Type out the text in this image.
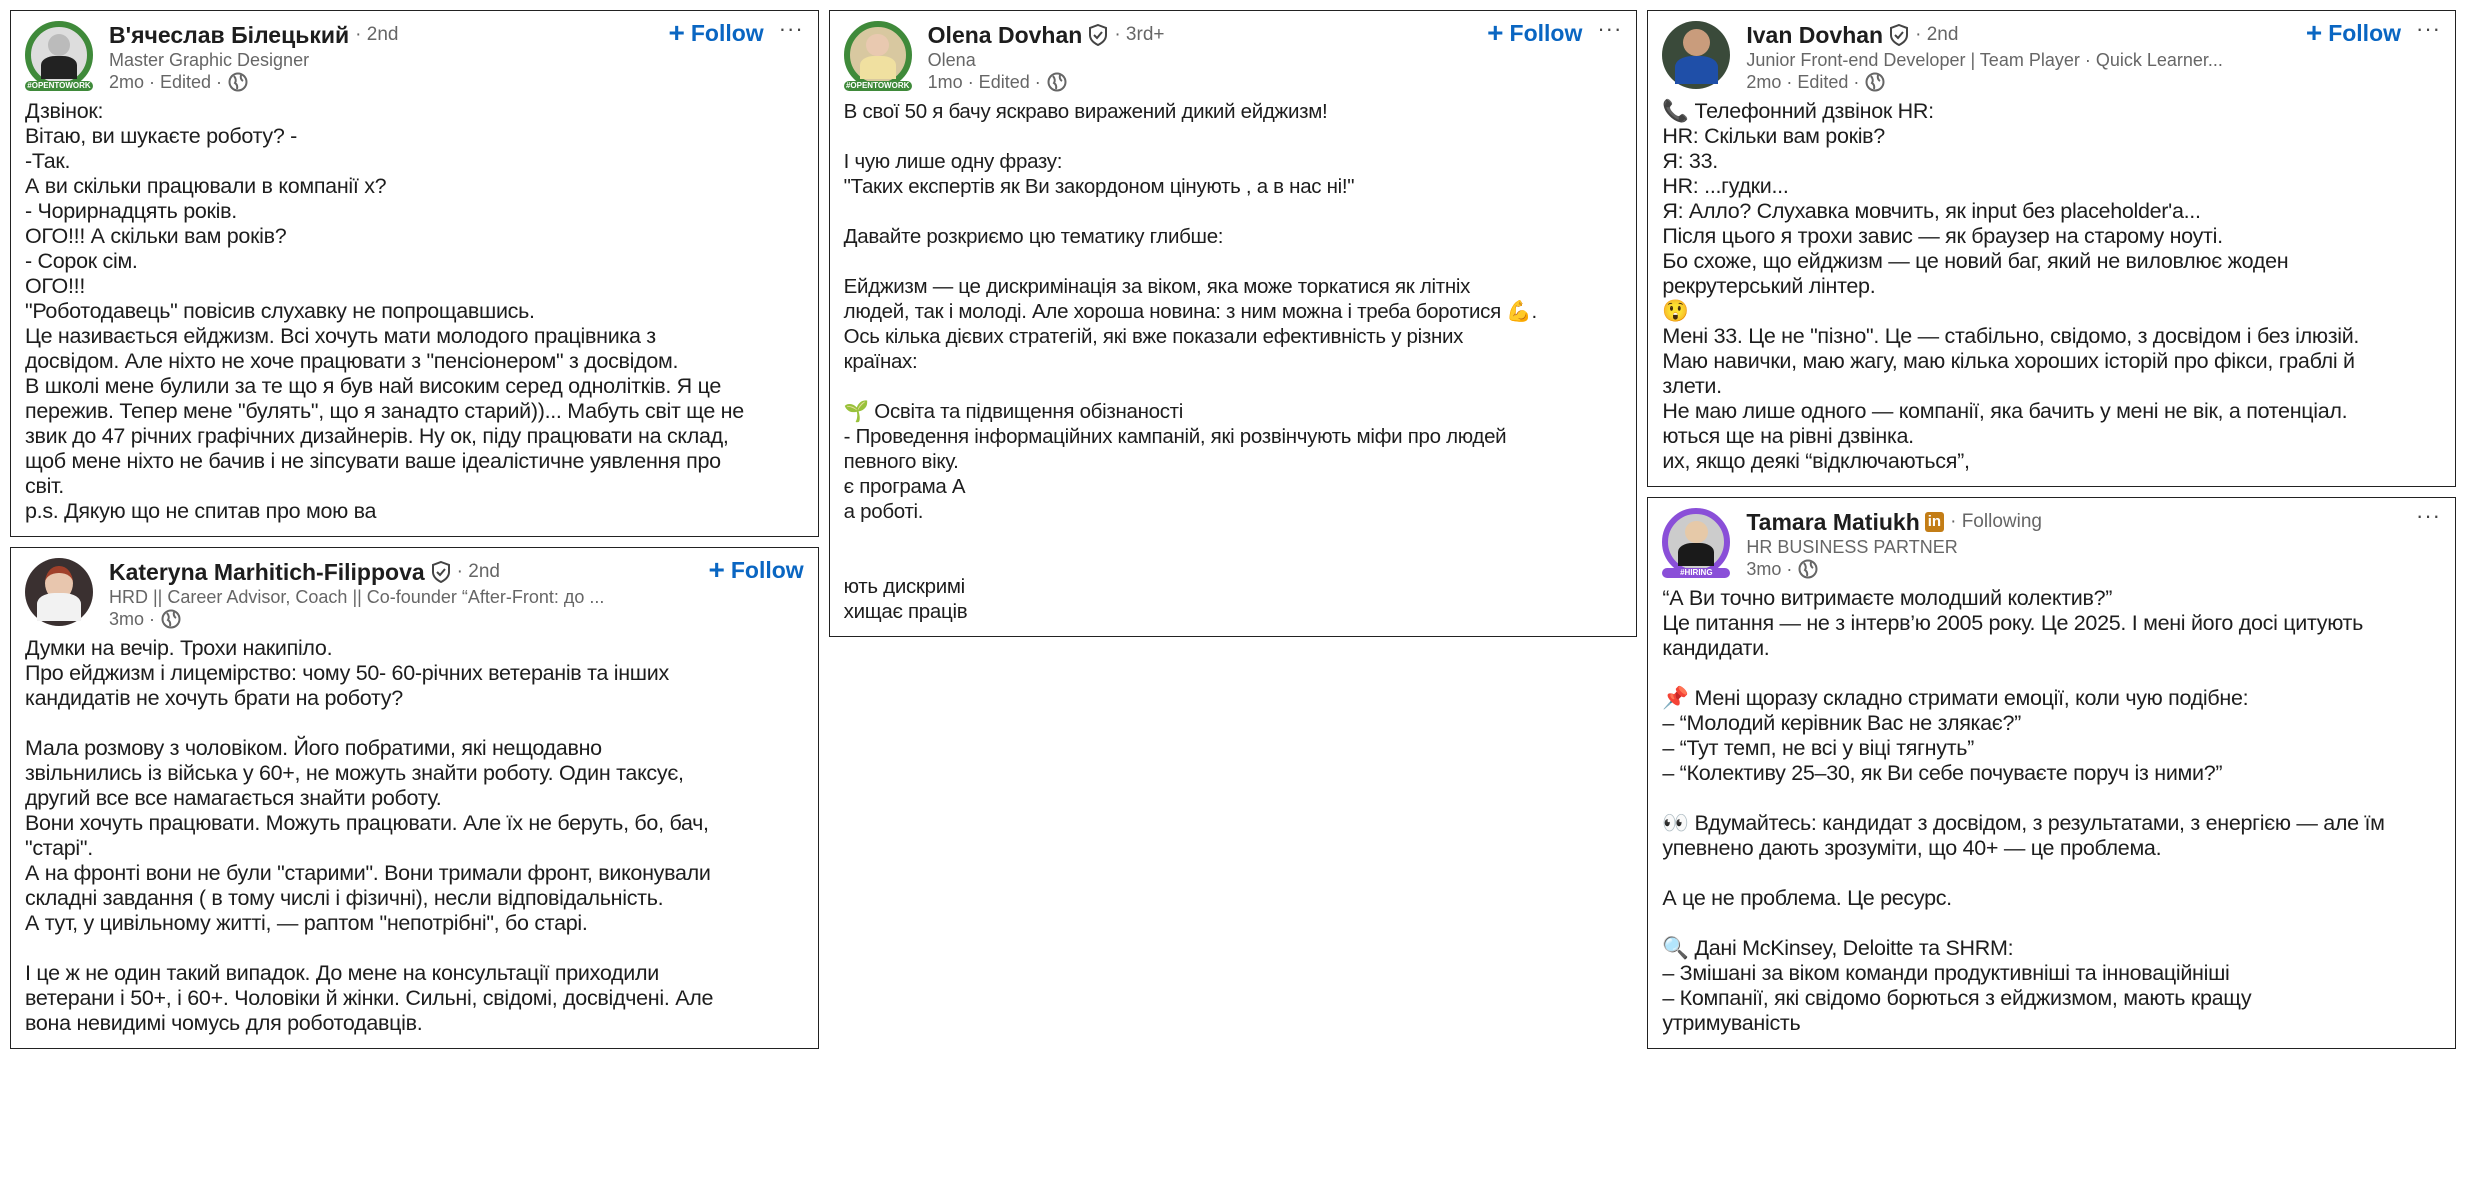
#OPENTOWORK
В'ячеслав Білецький · 2nd
Master Graphic Designer
2mo · Edited ·
+ Follow ···
Дзвінок:
Вітаю, ви шукаєте роботу? -
-Так.
А ви скільки працювали в компанії х?
- Чорирнадцять років.
ОГО!!! А скільки вам років?
- Сорок сім.
ОГО!!!
"Роботодавець" повісив слухавку не попрощавшись.
Це називається ейджизм. Всі хочуть мати молодого працівника з
досвідом. Але ніхто не хоче працювати з "пенсіонером" з досвідом.
В школі мене булили за те що я був най високим серед однолітків. Я це
пережив. Тепер мене "булять", що я занадто старий))... Мабуть світ ще не
звик до 47 річних графічних дизайнерів. Ну ок, піду працювати на склад,
щоб мене ніхто не бачив і не зіпсувати ваше ідеалістичне уявлення про
світ.
p.s. Дякую що не спитав про мою ва
Kateryna Marhitich-Filippova · 2nd
HRD || Career Advisor, Coach || Co-founder “After-Front: до ...
3mo ·
+ Follow
Думки на вечір. Трохи накипіло.
Про ейджизм і лицемірство: чому 50- 60-річних ветеранів та інших
кандидатів не хочуть брати на роботу?
Мала розмову з чоловіком. Його побратими, які нещодавно
звільнились із війська у 60+, не можуть знайти роботу. Один таксує,
другий все все намагається знайти роботу.
Вони хочуть працювати. Можуть працювати. Але їх не беруть, бо, бач,
"старі".
А на фронті вони не були "старими". Вони тримали фронт, виконували
складні завдання ( в тому числі і фізичні), несли відповідальність.
А тут, у цивільному житті, — раптом "непотрібні", бо старі.
І це ж не один такий випадок. До мене на консультації приходили
ветерани і 50+, і 60+. Чоловіки й жінки. Сильні, свідомі, досвідчені. Але
вона невидимі чомусь для роботодавців.
#OPENTOWORK
Olena Dovhan · 3rd+
Olena
1mo · Edited ·
+ Follow ···
В свої 50 я бачу яскраво виражений дикий ейджизм!
І чую лише одну фразу:
"Таких експертів як Ви закордоном цінують , а в нас ні!"
Давайте розкриємо цю тематику глибше:
Ейджизм — це дискримінація за віком, яка може торкатися як літніх
людей, так і молоді. Але хороша новина: з ним можна і треба боротися 💪.
Ось кілька дієвих стратегій, які вже показали ефективність у різних
країнах:
🌱 Освіта та підвищення обізнаності
- Проведення інформаційних кампаній, які розвінчують міфи про людей
певного віку.
є програма А
а роботі.
ють дискримі
хищає праців
Ivan Dovhan · 2nd
Junior Front-end Developer | Team Player · Quick Learner...
2mo · Edited ·
+ Follow ···
📞 Телефонний дзвінок HR:
HR: Скільки вам років?
Я: 33.
HR: ...гудки...
Я: Алло? Слухавка мовчить, як input без placeholder'а...
Після цього я трохи завис — як браузер на старому ноуті.
Бо схоже, що ейджизм — це новий баг, який не виловлює жоден
рекрутерський лінтер.
😲
Мені 33. Це не "пізно". Це — стабільно, свідомо, з досвідом і без ілюзій.
Маю навички, маю жагу, маю кілька хороших історій про фікси, граблі й
злети.
Не маю лише одного — компанії, яка бачить у мені не вік, а потенціал.
ються ще на рівні дзвінка.
их, якщо деякі “відключаються”,
#HIRING
Tamara Matiukh in · Following
HR BUSINESS PARTNER
3mo ·
···
“А Ви точно витримаєте молодший колектив?”
Це питання — не з інтерв’ю 2005 року. Це 2025. І мені його досі цитують
кандидати.
📌 Мені щоразу складно стримати емоції, коли чую подібне:
– “Молодий керівник Вас не злякає?”
– “Тут темп, не всі у віці тягнуть”
– “Колективу 25–30, як Ви себе почуваєте поруч із ними?”
👀 Вдумайтесь: кандидат з досвідом, з результатами, з енергією — але їм
упевнено дають зрозуміти, що 40+ — це проблема.
А це не проблема. Це ресурс.
🔍 Дані McKinsey, Deloitte та SHRM:
– Змішані за віком команди продуктивніші та інноваційніші
– Компанії, які свідомо борються з ейджизмом, мають кращу
утримуваність
